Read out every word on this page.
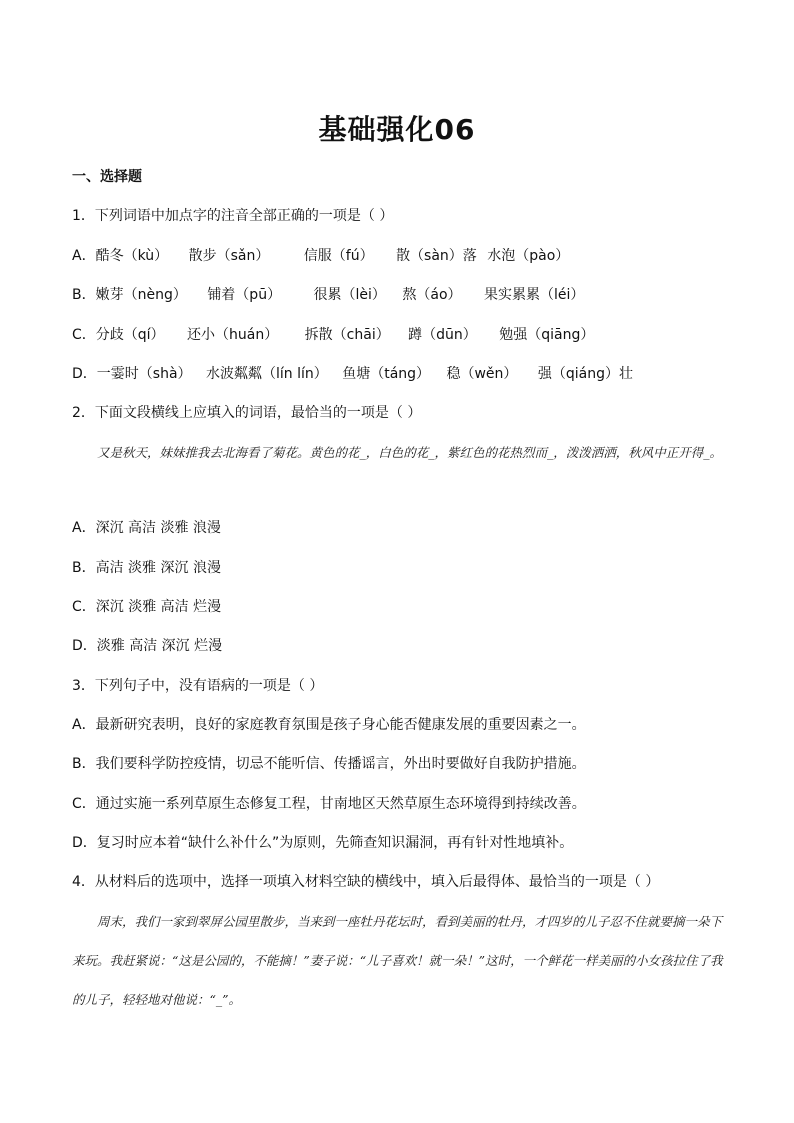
基础强化06
一、选择题
1．下列词语中加点字的注音全部正确的一项是（ ）
A．酷冬（kù） 散步（sǎn） 信服（fú） 散（sàn）落 水泡（pào）
B．嫩芽（nèng） 铺着（pū） 很累（lèi） 熬（áo） 果实累累（léi）
C．分歧（qí） 还小（huán） 拆散（chāi） 蹲（dūn） 勉强（qiāng）
D．一霎时（shà） 水波粼粼（lín lín） 鱼塘（táng） 稳（wěn） 强（qiáng）壮
2．下面文段横线上应填入的词语，最恰当的一项是（ ）
又是秋天，妹妹推我去北海看了菊花。黄色的花_，白色的花_，紫红色的花热烈而_，泼泼洒洒，秋风中正开得_。
A．深沉 高洁 淡雅 浪漫
B．高洁 淡雅 深沉 浪漫
C．深沉 淡雅 高洁 烂漫
D．淡雅 高洁 深沉 烂漫
3．下列句子中，没有语病的一项是（ ）
A．最新研究表明，良好的家庭教育氛围是孩子身心能否健康发展的重要因素之一。
B．我们要科学防控疫情，切忌不能听信、传播谣言，外出时要做好自我防护措施。
C．通过实施一系列草原生态修复工程，甘南地区天然草原生态环境得到持续改善。
D．复习时应本着“缺什么补什么”为原则，先筛查知识漏洞，再有针对性地填补。
4．从材料后的选项中，选择一项填入材料空缺的横线中，填入后最得体、最恰当的一项是（ ）
周末，我们一家到翠屏公园里散步，当来到一座牡丹花坛时，看到美丽的牡丹，才四岁的儿子忍不住就要摘一朵下来玩。我赶紧说：“这是公园的，不能摘！”妻子说：“儿子喜欢！就一朵！”这时，一个鲜花一样美丽的小女孩拉住了我的儿子，轻轻地对他说：“_”。
